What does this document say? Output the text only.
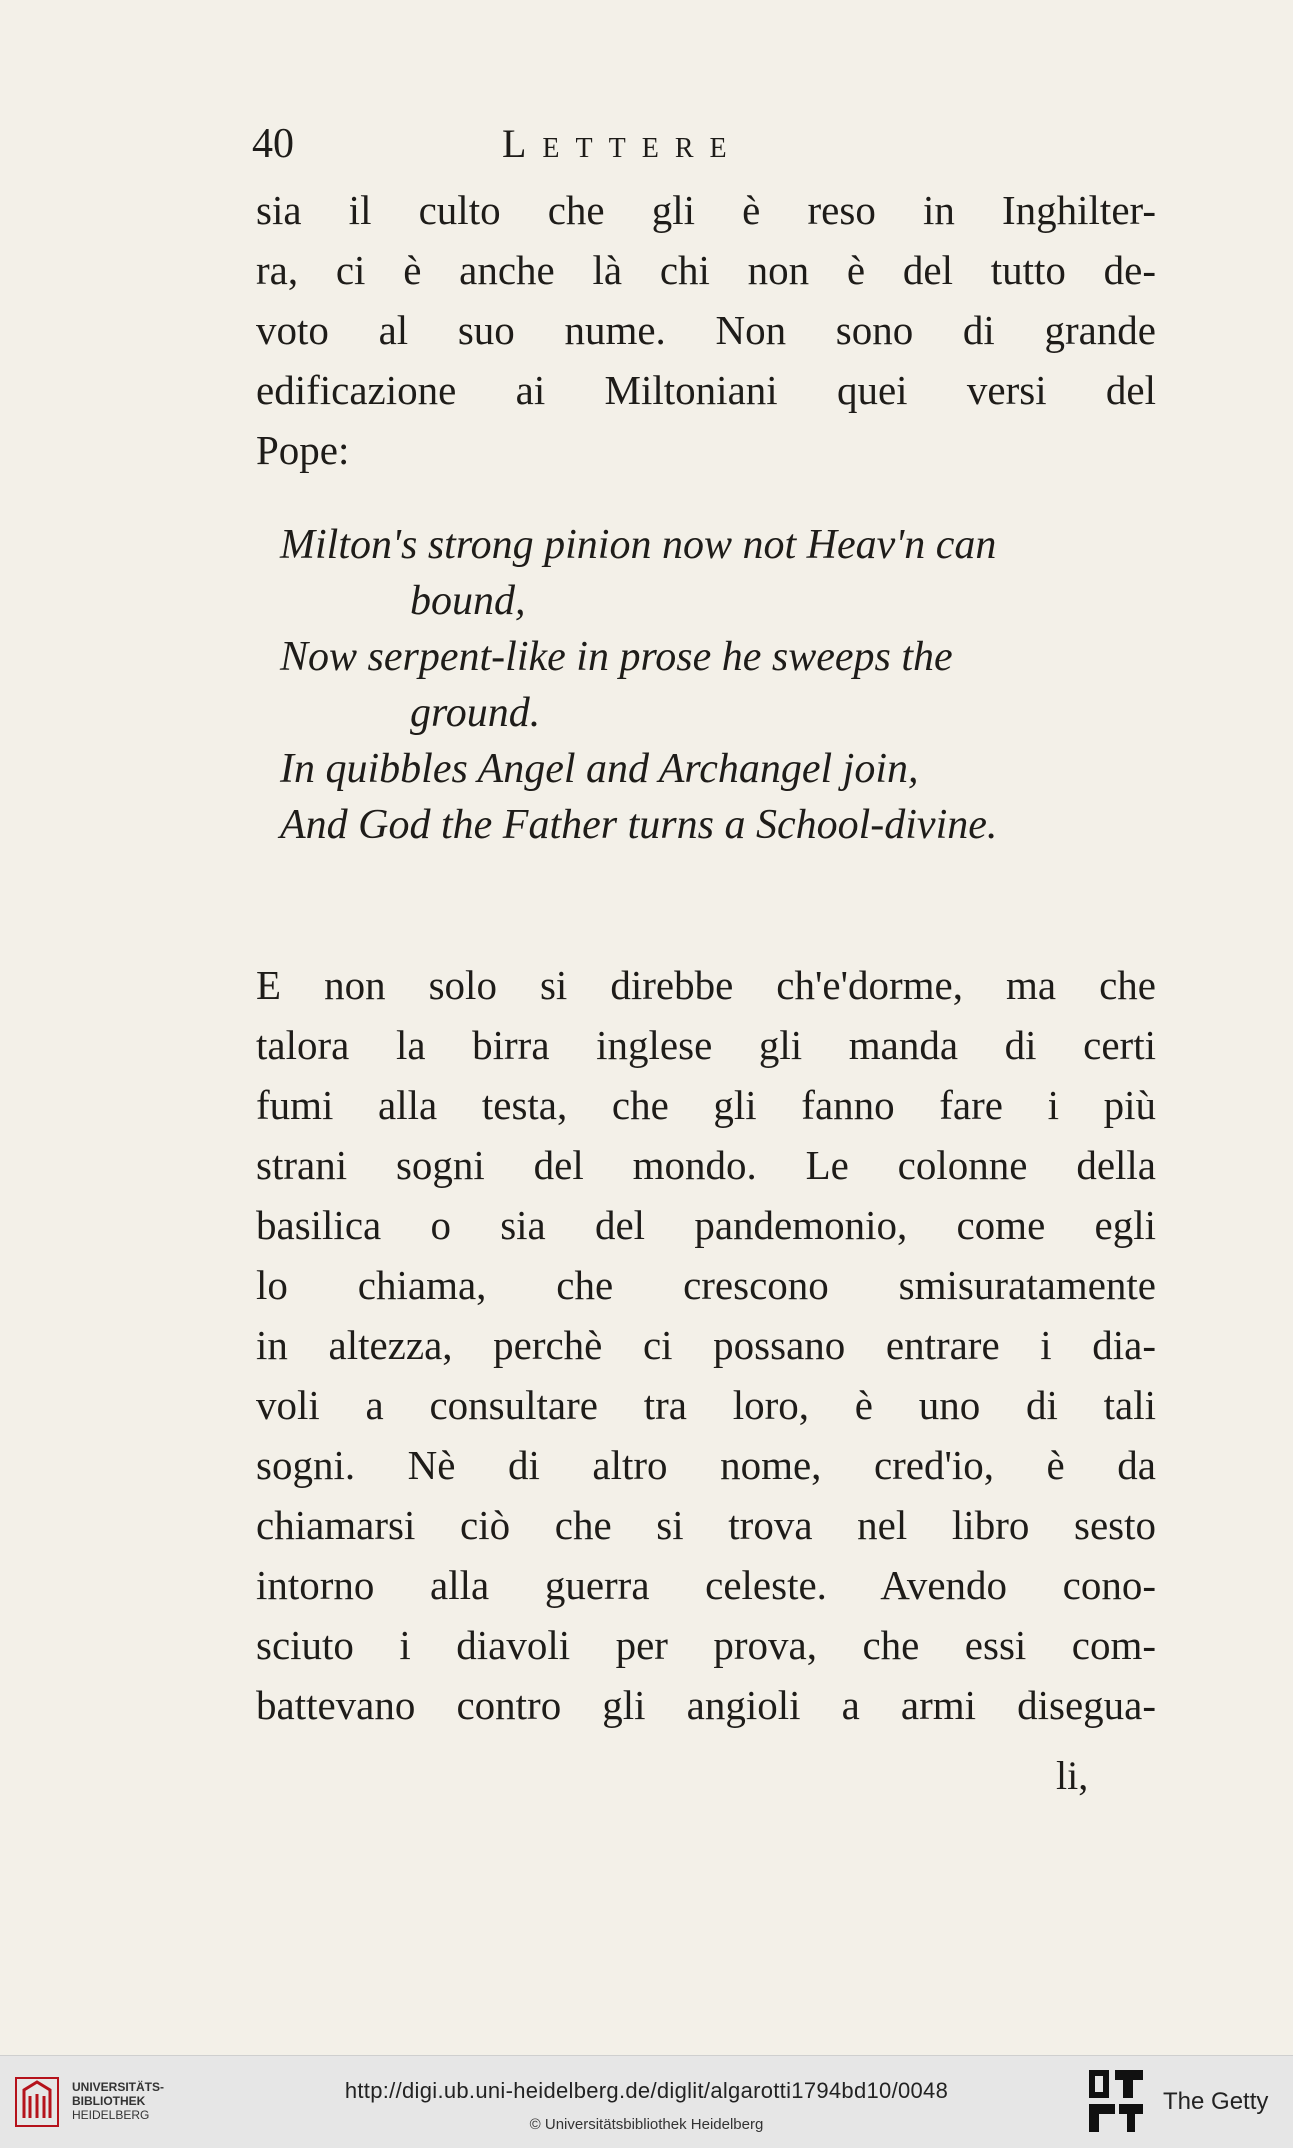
40	Lettere
sia il culto che gli è reso in Inghilter-
ra, ci è anche là chi non è del tutto de-
voto al suo nume. Non sono di grande
edificazione ai Miltoniani quei versi del
Pope:
Milton's strong pinion now not Heav'n can
bound,
Now serpent-like in prose he sweeps the
ground.
In quibbles Angel and Archangel join,
And God the Father turns a School-divine.
E non solo si direbbe ch'e'dorme, ma che
talora la birra inglese gli manda di certi
fumi alla testa, che gli fanno fare i più
strani sogni del mondo. Le colonne della
basilica o sia del pandemonio, come egli
lo chiama, che crescono smisuratamente
in altezza, perchè ci possano entrare i dia-
voli a consultare tra loro, è uno di tali
sogni. Nè di altro nome, cred'io, è da
chiamarsi ciò che si trova nel libro sesto
intorno alla guerra celeste. Avendo cono-
sciuto i diavoli per prova, che essi com-
battevano contro gli angioli a armi disegua-
li,
UNIVERSITÄTS-
BIBLIOTHEK
HEIDELBERG
http://digi.ub.uni-heidelberg.de/diglit/algarotti1794bd10/0048
© Universitätsbibliothek Heidelberg
The Getty
